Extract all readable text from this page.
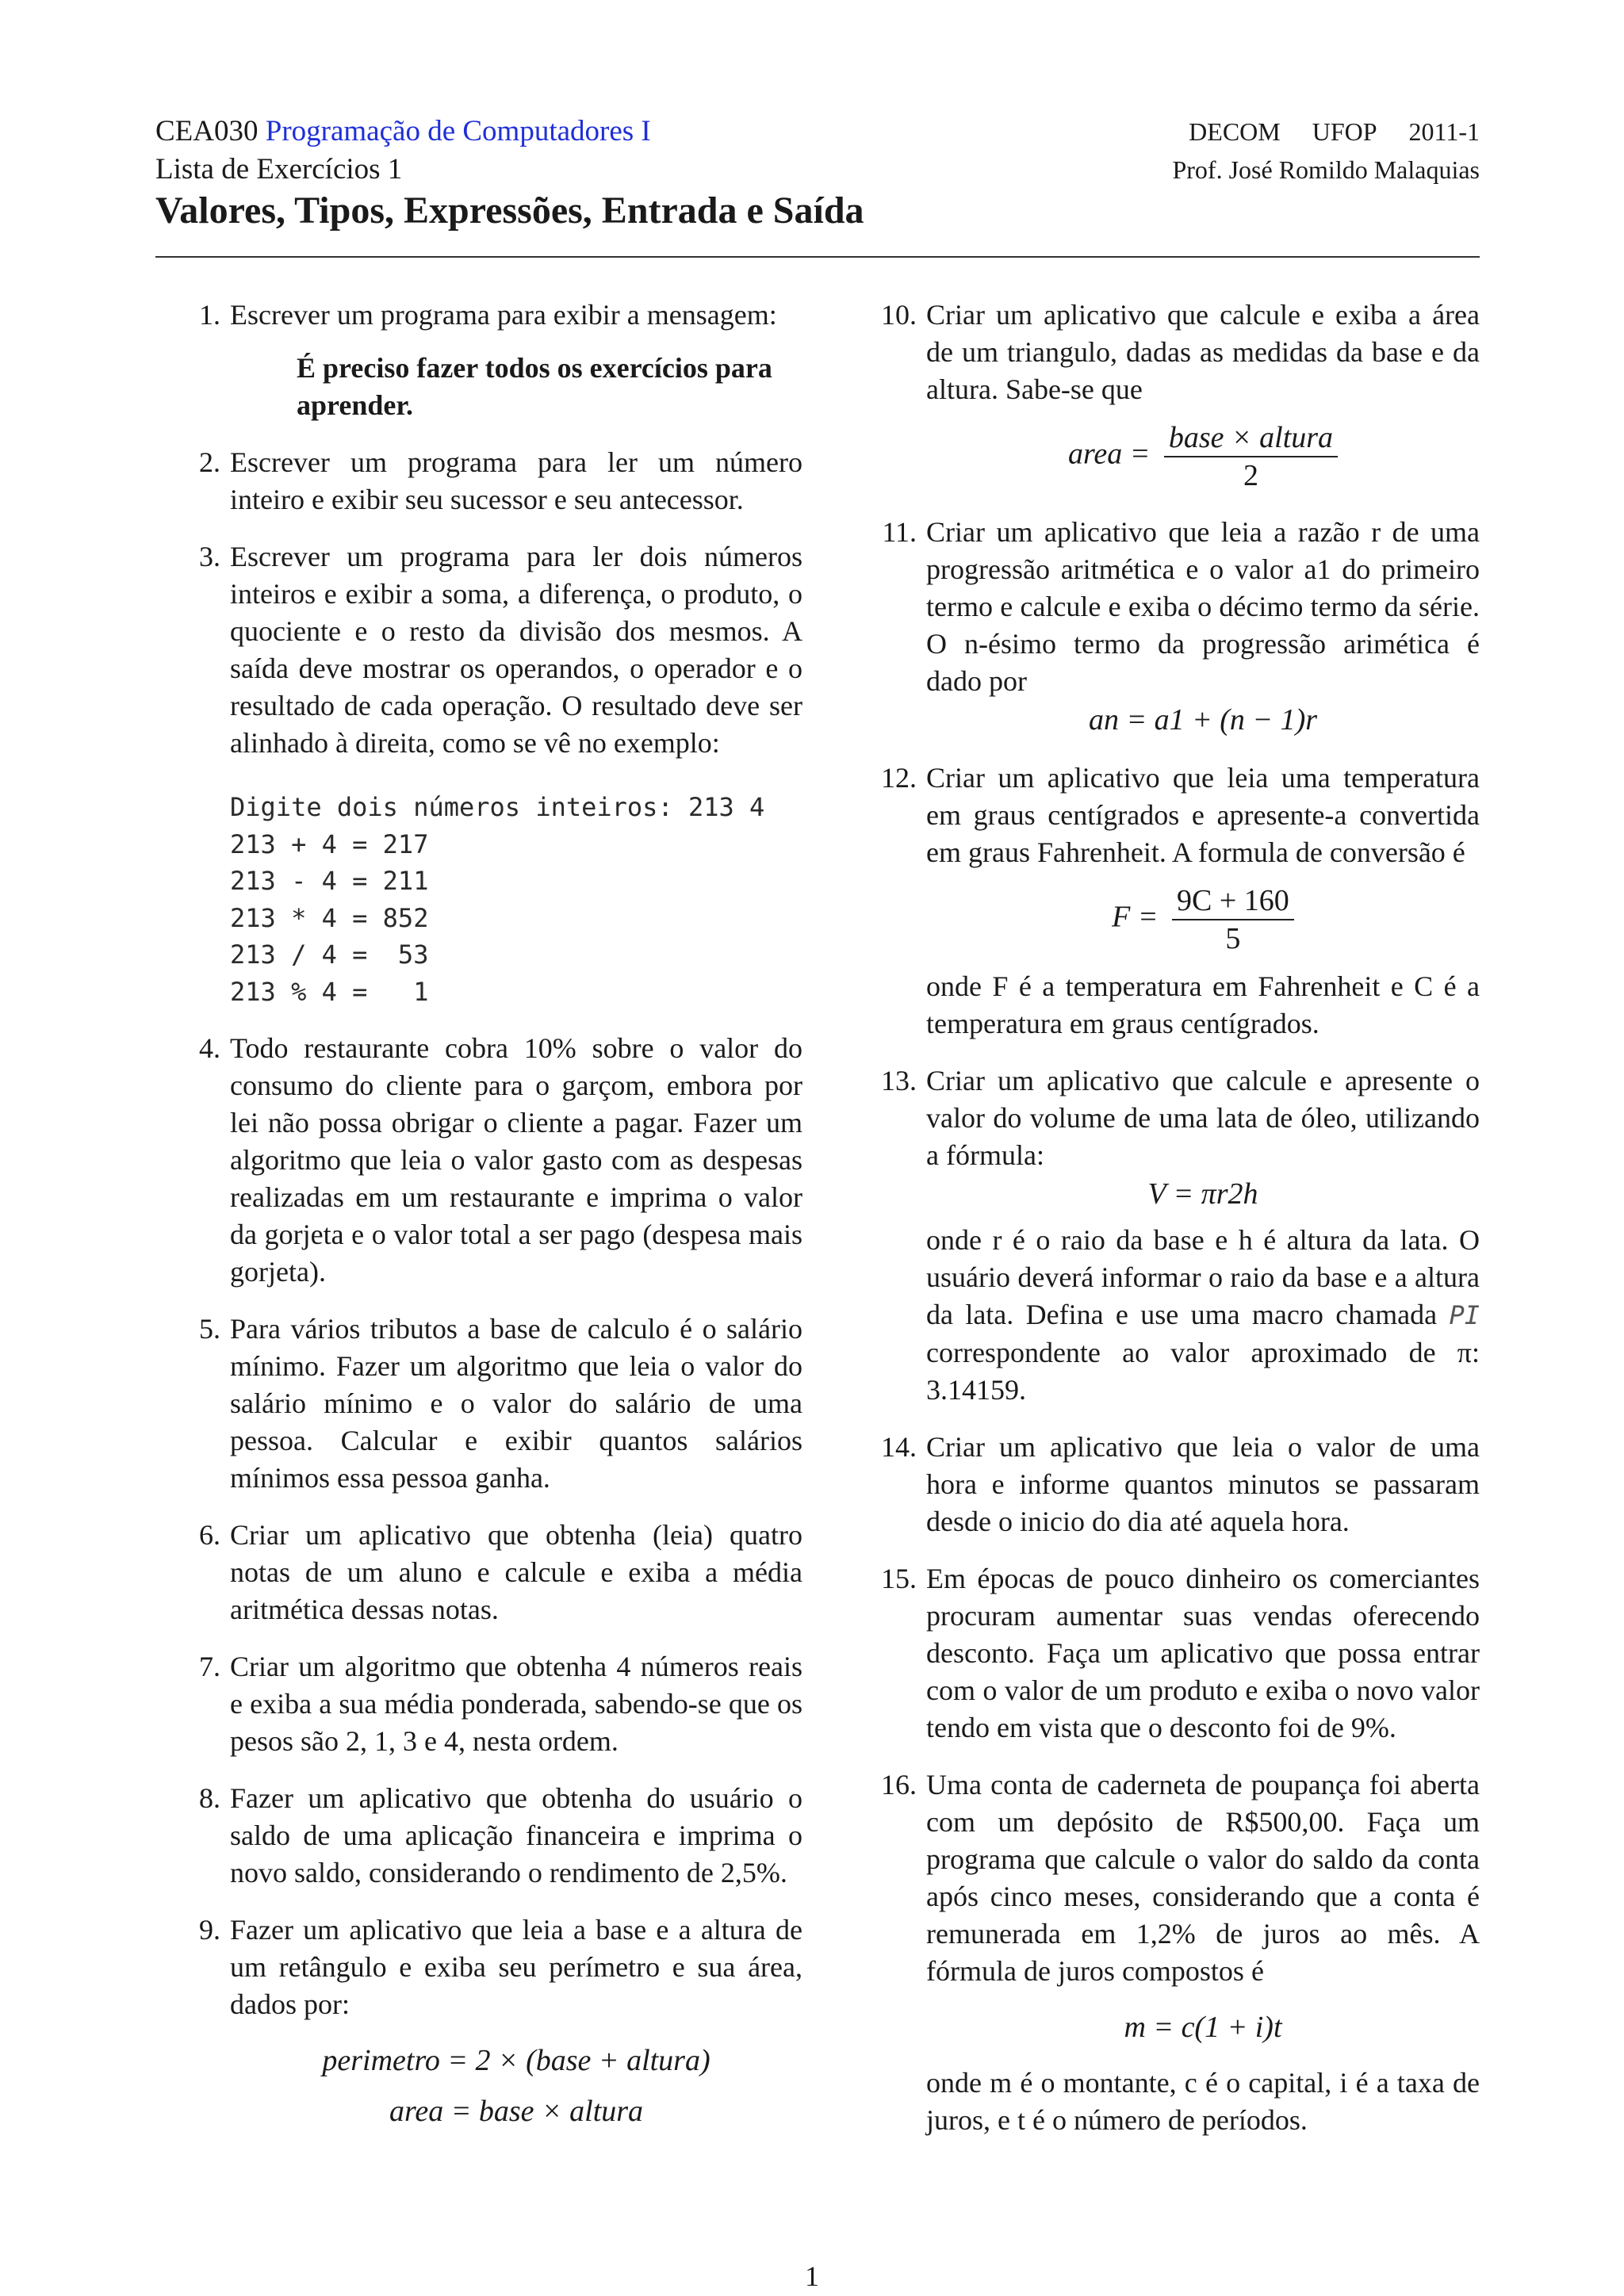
CEA030 Programação de Computadores I	DECOM UFOP 2011-1
Lista de Exercícios 1	Prof. José Romildo Malaquias
Valores, Tipos, Expressões, Entrada e Saída
1. Escrever um programa para exibir a mensagem:

É preciso fazer todos os exercícios para aprender.
2. Escrever um programa para ler um número inteiro e exibir seu sucessor e seu antecessor.

3. Escrever um programa para ler dois números inteiros e exibir a soma, a diferença, o produto, o quociente e o resto da divisão dos mesmos. A saída deve mostrar os operandos, o operador e o resultado de cada operação. O resultado deve ser alinhado à direita, como se vê no exemplo:

Digite dois números inteiros: 213 4
213 + 4 = 217
213 - 4 = 211
213 * 4 = 852
213 / 4 =  53
213 % 4 =   1
4. Todo restaurante cobra 10% sobre o valor do consumo do cliente para o garçom, embora por lei não possa obrigar o cliente a pagar. Fazer um algoritmo que leia o valor gasto com as despesas realizadas em um restaurante e imprima o valor da gorjeta e o valor total a ser pago (despesa mais gorjeta).

5. Para vários tributos a base de calculo é o salário mínimo. Fazer um algoritmo que leia o valor do salário mínimo e o valor do salário de uma pessoa. Calcular e exibir quantos salários mínimos essa pessoa ganha.

6. Criar um aplicativo que obtenha (leia) quatro notas de um aluno e calcule e exiba a média aritmética dessas notas.

7. Criar um algoritmo que obtenha 4 números reais e exiba a sua média ponderada, sabendo-se que os pesos são 2, 1, 3 e 4, nesta ordem.

8. Fazer um aplicativo que obtenha do usuário o saldo de uma aplicação financeira e imprima o novo saldo, considerando o rendimento de 2,5%.

9. Fazer um aplicativo que leia a base e a altura de um retângulo e exiba seu perímetro e sua área, dados por:

perimetro = 2 × (base + altura)
area = base × altura
10. Criar um aplicativo que calcule e exiba a área de um triangulo, dadas as medidas da base e da altura. Sabe-se que

area = $\frac{\text{base × altura}}{2}$
11. Criar um aplicativo que leia a razão r de uma progressão aritmética e o valor a1 do primeiro termo e calcule e exiba o décimo termo da série. O n-ésimo termo da progressão arimética é dado por

an = a1 + (n − 1)r
12. Criar um aplicativo que leia uma temperatura em graus centígrados e apresente-a convertida em graus Fahrenheit. A formula de conversão é

$F = \frac{9C + 160}{5}$

onde F é a temperatura em Fahrenheit e C é a temperatura em graus centígrados.

13. Criar um aplicativo que calcule e apresente o valor do volume de uma lata de óleo, utilizando a fórmula:

V = πr2h

onde r é o raio da base e h é altura da lata. O usuário deverá informar o raio da base e a altura da lata. Defina e use uma macro chamada PI correspondente ao valor aproximado de π: 3.14159.

14. Criar um aplicativo que leia o valor de uma hora e informe quantos minutos se passaram desde o inicio do dia até aquela hora.

15. Em épocas de pouco dinheiro os comerciantes procuram aumentar suas vendas oferecendo desconto. Faça um aplicativo que possa entrar com o valor de um produto e exiba o novo valor tendo em vista que o desconto foi de 9%.

16. Uma conta de caderneta de poupança foi aberta com um depósito de R$500,00. Faça um programa que calcule o valor do saldo da conta após cinco meses, considerando que a conta é remunerada em 1,2% de juros ao mês. A fórmula de juros compostos é

m = c(1 + i)t

onde m é o montante, c é o capital, i é a taxa de juros, e t é o número de períodos.

1
